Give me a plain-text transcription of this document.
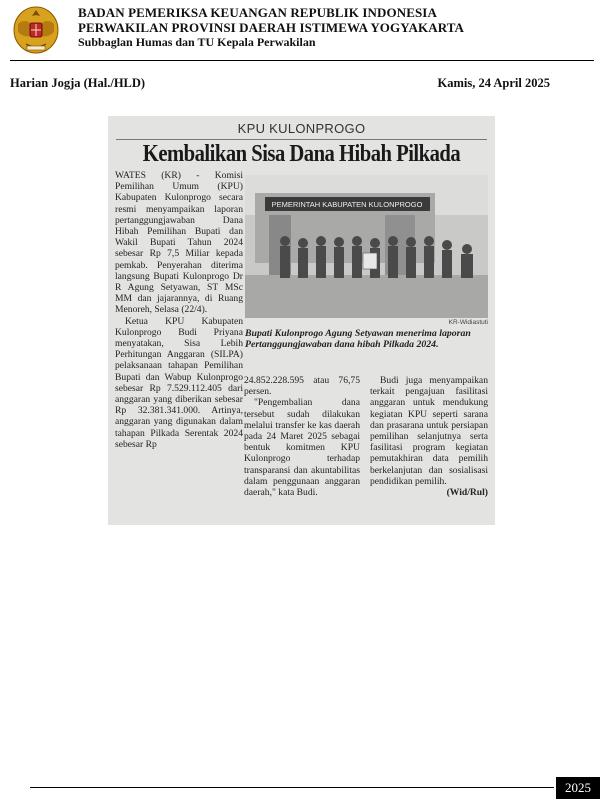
BADAN PEMERIKSA KEUANGAN REPUBLIK INDONESIA
PERWAKILAN PROVINSI DAERAH ISTIMEWA YOGYAKARTA
Subbaglan Humas dan TU Kepala Perwakilan
Harian Jogja (Hal./HLD)	Kamis, 24 April 2025
KPU KULONPROGO
Kembalikan Sisa Dana Hibah Pilkada

WATES (KR) - Komisi Pemilihan Umum (KPU) Kabupaten Kulonprogo secara resmi menyampaikan laporan pertanggungjawaban Dana Hibah Pemilihan Bupati dan Wakil Bupati Tahun 2024 sebesar Rp 7,5 Miliar kepada pemkab. Penyerahan diterima langsung Bupati Kulonprogo Dr R Agung Setyawan, ST MSc MM dan jajarannya, di Ruang Menoreh, Selasa (22/4).

Ketua KPU Kabupaten Kulonprogo Budi Priyana menyatakan, Sisa Lebih Perhitungan Anggaran (SILPA) pelaksanaan tahapan Pemilihan Bupati dan Wabup Kulonprogo sebesar Rp 7.529.112.405 dari anggaran yang diberikan sebesar Rp 32.381.341.000. Artinya, anggaran yang digunakan dalam tahapan Pilkada Serentak 2024 sebesar Rp

PEMERINTAH KABUPATEN KULONPROGO
KR-Widiastuti
Bupati Kulonprogo Agung Setyawan menerima laporan Pertanggungjawaban dana hibah Pilkada 2024.

24.852.228.595 atau 76,75 persen.

"Pengembalian dana tersebut sudah dilakukan melalui transfer ke kas daerah pada 24 Maret 2025 sebagai bentuk komitmen KPU Kulonprogo terhadap transparansi dan akuntabilitas dalam penggunaan anggaran daerah," kata Budi.

Budi juga menyampaikan terkait pengajuan fasilitasi anggaran untuk mendukung kegiatan KPU seperti sarana dan prasarana untuk persiapan pemilihan selanjutnya serta fasilitasi program kegiatan pemutakhiran data pemilih berkelanjutan dan sosialisasi pendidikan pemilih.

(Wid/Rul)
2025
